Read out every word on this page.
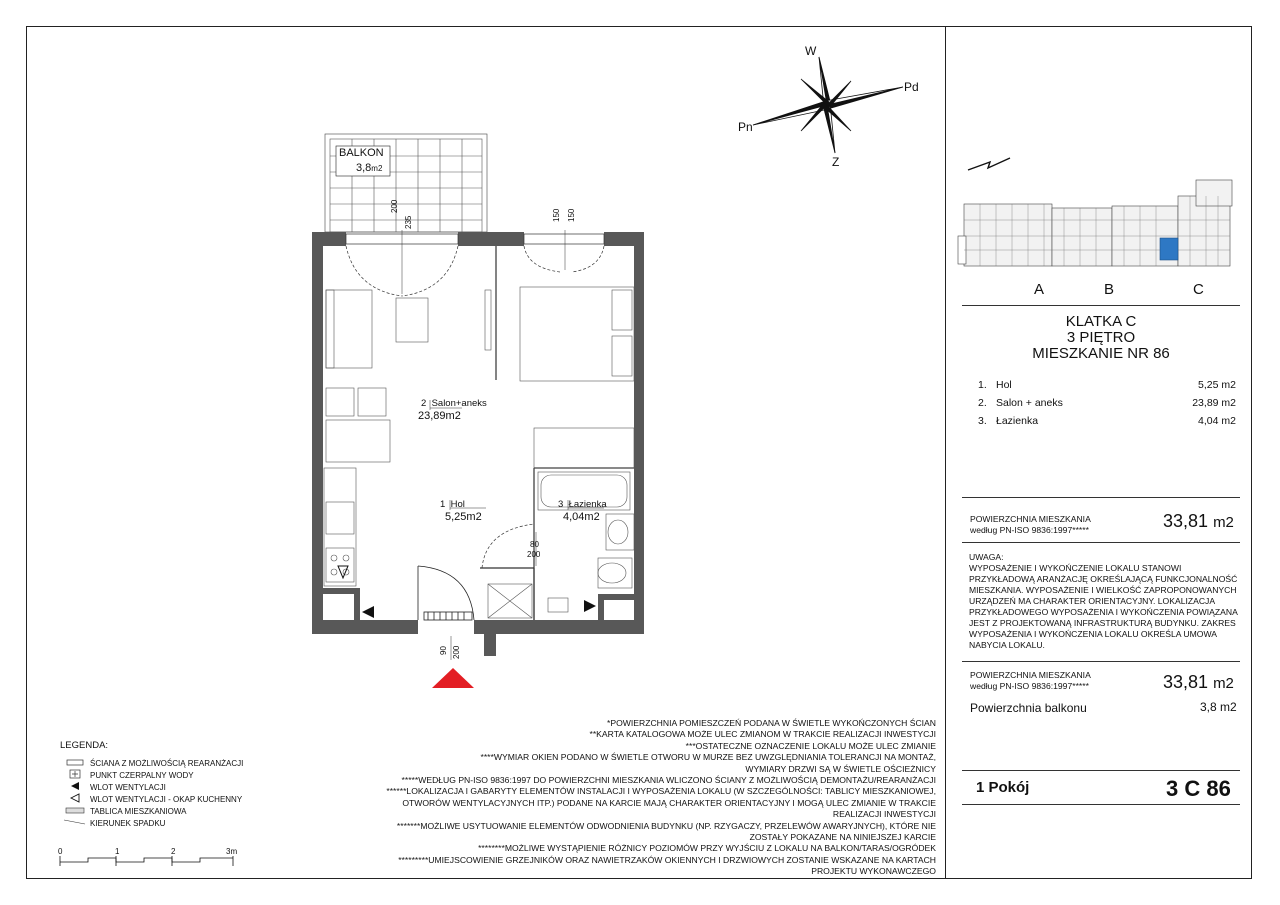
W
Pd
Pn
Z
BALKON
3,8m2
200
235
150 150
80
200
90 200
2 Salon+aneks
23,89m2
1 Hol
5,25m2
3 Łazienka
4,04m2
A	B	C
KLATKA C
3 PIĘTRO
MIESZKANIE NR 86
1. Hol	5,25 m2
2. Salon + aneks	23,89 m2
3. Łazienka	4,04 m2
POWIERZCHNIA MIESZKANIA
według PN-ISO 9836:1997*****	33,81 m2
UWAGA:
WYPOSAŻENIE I WYKOŃCZENIE LOKALU STANOWI PRZYKŁADOWĄ ARANŻACJĘ OKREŚLAJĄCĄ FUNKCJONALNOŚĆ MIESZKANIA. WYPOSAŻENIE I WIELKOŚĆ ZAPROPONOWANYCH URZĄDZEŃ MA CHARAKTER ORIENTACYJNY. LOKALIZACJA PRZYKŁADOWEGO WYPOSAŻENIA I WYKOŃCZENIA POWIĄZANA JEST Z PROJEKTOWANĄ INFRASTRUKTURĄ BUDYNKU. ZAKRES WYPOSAŻENIA I WYKOŃCZENIA LOKALU OKREŚLA UMOWA NABYCIA LOKALU.
POWIERZCHNIA MIESZKANIA
według PN-ISO 9836:1997*****	33,81 m2
Powierzchnia balkonu	3,8 m2
1 Pokój	3 C 86
*POWIERZCHNIA POMIESZCZEŃ PODANA W ŚWIETLE WYKOŃCZONYCH ŚCIAN
**KARTA KATALOGOWA MOŻE ULEC ZMIANOM W TRAKCIE REALIZACJI INWESTYCJI
***OSTATECZNE OZNACZENIE LOKALU MOŻE ULEC ZMIANIE
****WYMIAR OKIEN PODANO W ŚWIETLE OTWORU W MURZE BEZ UWZGLĘDNIANIA TOLERANCJI NA MONTAŻ,
WYMIARY DRZWI SĄ W ŚWIETLE OŚCIEŻNICY
*****WEDŁUG PN-ISO 9836:1997 DO POWIERZCHNI MIESZKANIA WLICZONO ŚCIANY Z MOŻLIWOŚCIĄ DEMONTAŻU/REARANŻACJI
******LOKALIZACJA I GABARYTY ELEMENTÓW INSTALACJI I WYPOSAŻENIA LOKALU (W SZCZEGÓLNOŚCI: TABLICY MIESZKANIOWEJ,
OTWORÓW WENTYLACYJNYCH ITP.) PODANE NA KARCIE MAJĄ CHARAKTER ORIENTACYJNY I MOGĄ ULEC ZMIANIE W TRAKCIE
REALIZACJI INWESTYCJI
*******MOŻLIWE USYTUOWANIE ELEMENTÓW ODWODNIENIA BUDYNKU (NP. RZYGACZY, PRZELEWÓW AWARYJNYCH), KTÓRE NIE
ZOSTAŁY POKAZANE NA NINIEJSZEJ KARCIE
********MOŻLIWE WYSTĄPIENIE RÓŻNICY POZIOMÓW PRZY WYJŚCIU Z LOKALU NA BALKON/TARAS/OGRÓDEK
*********UMIEJSCOWIENIE GRZEJNIKÓW ORAZ NAWIETRZAKÓW OKIENNYCH I DRZWIOWYCH ZOSTANIE WSKAZANE NA KARTACH
PROJEKTU WYKONAWCZEGO
LEGENDA:
ŚCIANA Z MOŻLIWOŚCIĄ REARANŻACJI
PUNKT CZERPALNY WODY
WLOT WENTYLACJI
WLOT WENTYLACJI - OKAP KUCHENNY
TABLICA MIESZKANIOWA
KIERUNEK SPADKU
0	1	2	3m
